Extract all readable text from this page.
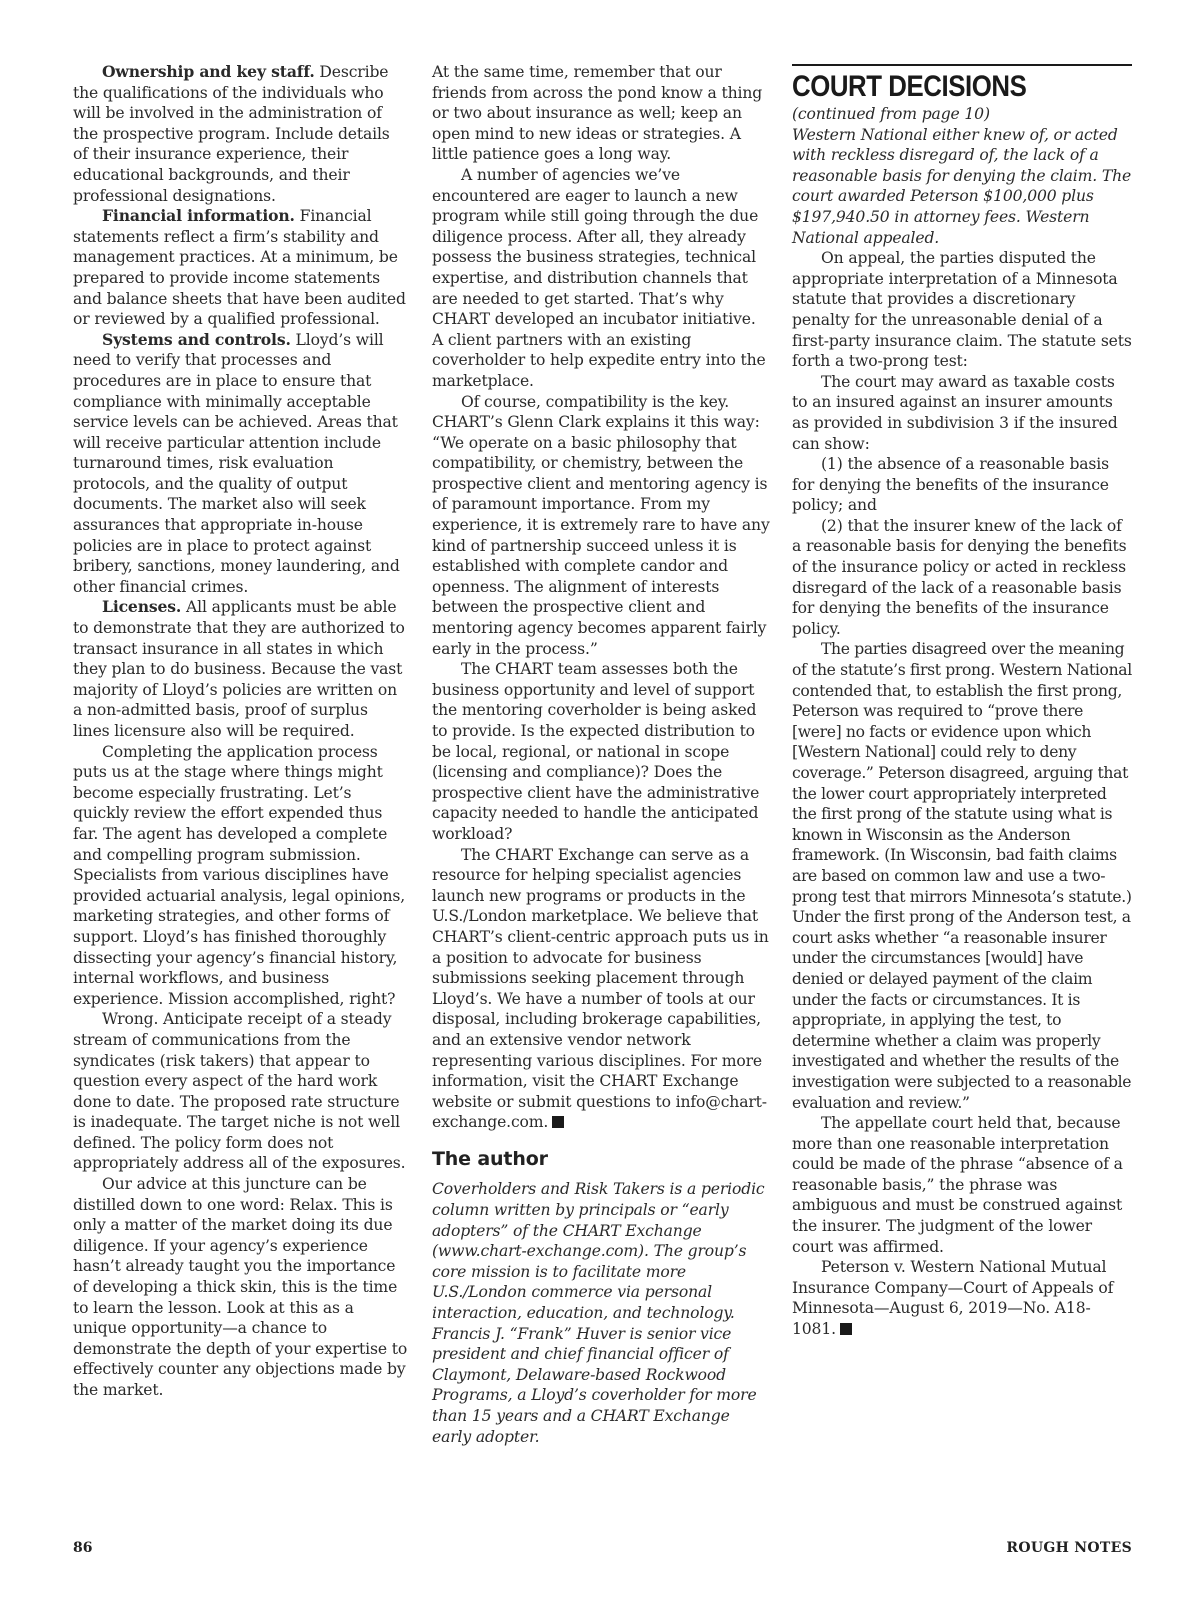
Ownership and key staff. Describe the qualifications of the individuals who will be involved in the administration of the prospective program. Include details of their insurance experience, their educational backgrounds, and their professional designations.

Financial information. Financial statements reflect a firm’s stability and management practices. At a minimum, be prepared to provide income statements and balance sheets that have been audited or reviewed by a qualified professional.

Systems and controls. Lloyd’s will need to verify that processes and procedures are in place to ensure that compliance with minimally acceptable service levels can be achieved. Areas that will receive particular attention include turnaround times, risk evaluation protocols, and the quality of output documents. The market also will seek assurances that appropriate in-house policies are in place to protect against bribery, sanctions, money laundering, and other financial crimes.

Licenses. All applicants must be able to demonstrate that they are authorized to transact insurance in all states in which they plan to do business. Because the vast majority of Lloyd’s policies are written on a non-admitted basis, proof of surplus lines licensure also will be required.

Completing the application process puts us at the stage where things might become especially frustrating. Let’s quickly review the effort expended thus far. The agent has developed a complete and compelling program submission. Specialists from various disciplines have provided actuarial analysis, legal opinions, marketing strategies, and other forms of support. Lloyd’s has finished thoroughly dissecting your agency’s financial history, internal workflows, and business experience. Mission accomplished, right?

Wrong. Anticipate receipt of a steady stream of communications from the syndicates (risk takers) that appear to question every aspect of the hard work done to date. The proposed rate structure is inadequate. The target niche is not well defined. The policy form does not appropriately address all of the exposures.

Our advice at this juncture can be distilled down to one word: Relax. This is only a matter of the market doing its due diligence. If your agency’s experience hasn’t already taught you the importance of developing a thick skin, this is the time to learn the lesson. Look at this as a unique opportunity—a chance to demonstrate the depth of your expertise to effectively counter any objections made by the market.

At the same time, remember that our friends from across the pond know a thing or two about insurance as well; keep an open mind to new ideas or strategies. A little patience goes a long way.

A number of agencies we’ve encountered are eager to launch a new program while still going through the due diligence process. After all, they already possess the business strategies, technical expertise, and distribution channels that are needed to get started. That’s why CHART developed an incubator initiative. A client partners with an existing coverholder to help expedite entry into the marketplace.

Of course, compatibility is the key. CHART’s Glenn Clark explains it this way: “We operate on a basic philosophy that compatibility, or chemistry, between the prospective client and mentoring agency is of paramount importance. From my experience, it is extremely rare to have any kind of partnership succeed unless it is established with complete candor and openness. The alignment of interests between the prospective client and mentoring agency becomes apparent fairly early in the process.”

The CHART team assesses both the business opportunity and level of support the mentoring coverholder is being asked to provide. Is the expected distribution to be local, regional, or national in scope (licensing and compliance)? Does the prospective client have the administrative capacity needed to handle the anticipated workload?

The CHART Exchange can serve as a resource for helping specialist agencies launch new programs or products in the U.S./London marketplace. We believe that CHART’s client-centric approach puts us in a position to advocate for business submissions seeking placement through Lloyd’s. We have a number of tools at our disposal, including brokerage capabilities, and an extensive vendor network representing various disciplines. For more information, visit the CHART Exchange website or submit questions to info@chart-exchange.com.

The author

Coverholders and Risk Takers is a periodic column written by principals or “early adopters” of the CHART Exchange (www.chart-exchange.com). The group’s core mission is to facilitate more U.S./London commerce via personal interaction, education, and technology. Francis J. “Frank” Huver is senior vice president and chief financial officer of Claymont, Delaware-based Rockwood Programs, a Lloyd’s coverholder for more than 15 years and a CHART Exchange early adopter.

COURT DECISIONS

(continued from page 10)

Western National either knew of, or acted with reckless disregard of, the lack of a reasonable basis for denying the claim. The court awarded Peterson $100,000 plus $197,940.50 in attorney fees. Western National appealed.

On appeal, the parties disputed the appropriate interpretation of a Minnesota statute that provides a discretionary penalty for the unreasonable denial of a first-party insurance claim. The statute sets forth a two-prong test:

The court may award as taxable costs to an insured against an insurer amounts as provided in subdivision 3 if the insured can show:

(1) the absence of a reasonable basis for denying the benefits of the insurance policy; and

(2) that the insurer knew of the lack of a reasonable basis for denying the benefits of the insurance policy or acted in reckless disregard of the lack of a reasonable basis for denying the benefits of the insurance policy.

The parties disagreed over the meaning of the statute’s first prong. Western National contended that, to establish the first prong, Peterson was required to “prove there [were] no facts or evidence upon which [Western National] could rely to deny coverage.” Peterson disagreed, arguing that the lower court appropriately interpreted the first prong of the statute using what is known in Wisconsin as the Anderson framework. (In Wisconsin, bad faith claims are based on common law and use a two-prong test that mirrors Minnesota’s statute.) Under the first prong of the Anderson test, a court asks whether “a reasonable insurer under the circumstances [would] have denied or delayed payment of the claim under the facts or circumstances. It is appropriate, in applying the test, to determine whether a claim was properly investigated and whether the results of the investigation were subjected to a reasonable evaluation and review.”

The appellate court held that, because more than one reasonable interpretation could be made of the phrase “absence of a reasonable basis,” the phrase was ambiguous and must be construed against the insurer. The judgment of the lower court was affirmed.

Peterson v. Western National Mutual Insurance Company—Court of Appeals of Minnesota—August 6, 2019—No. A18-1081.

86	ROUGH NOTES
